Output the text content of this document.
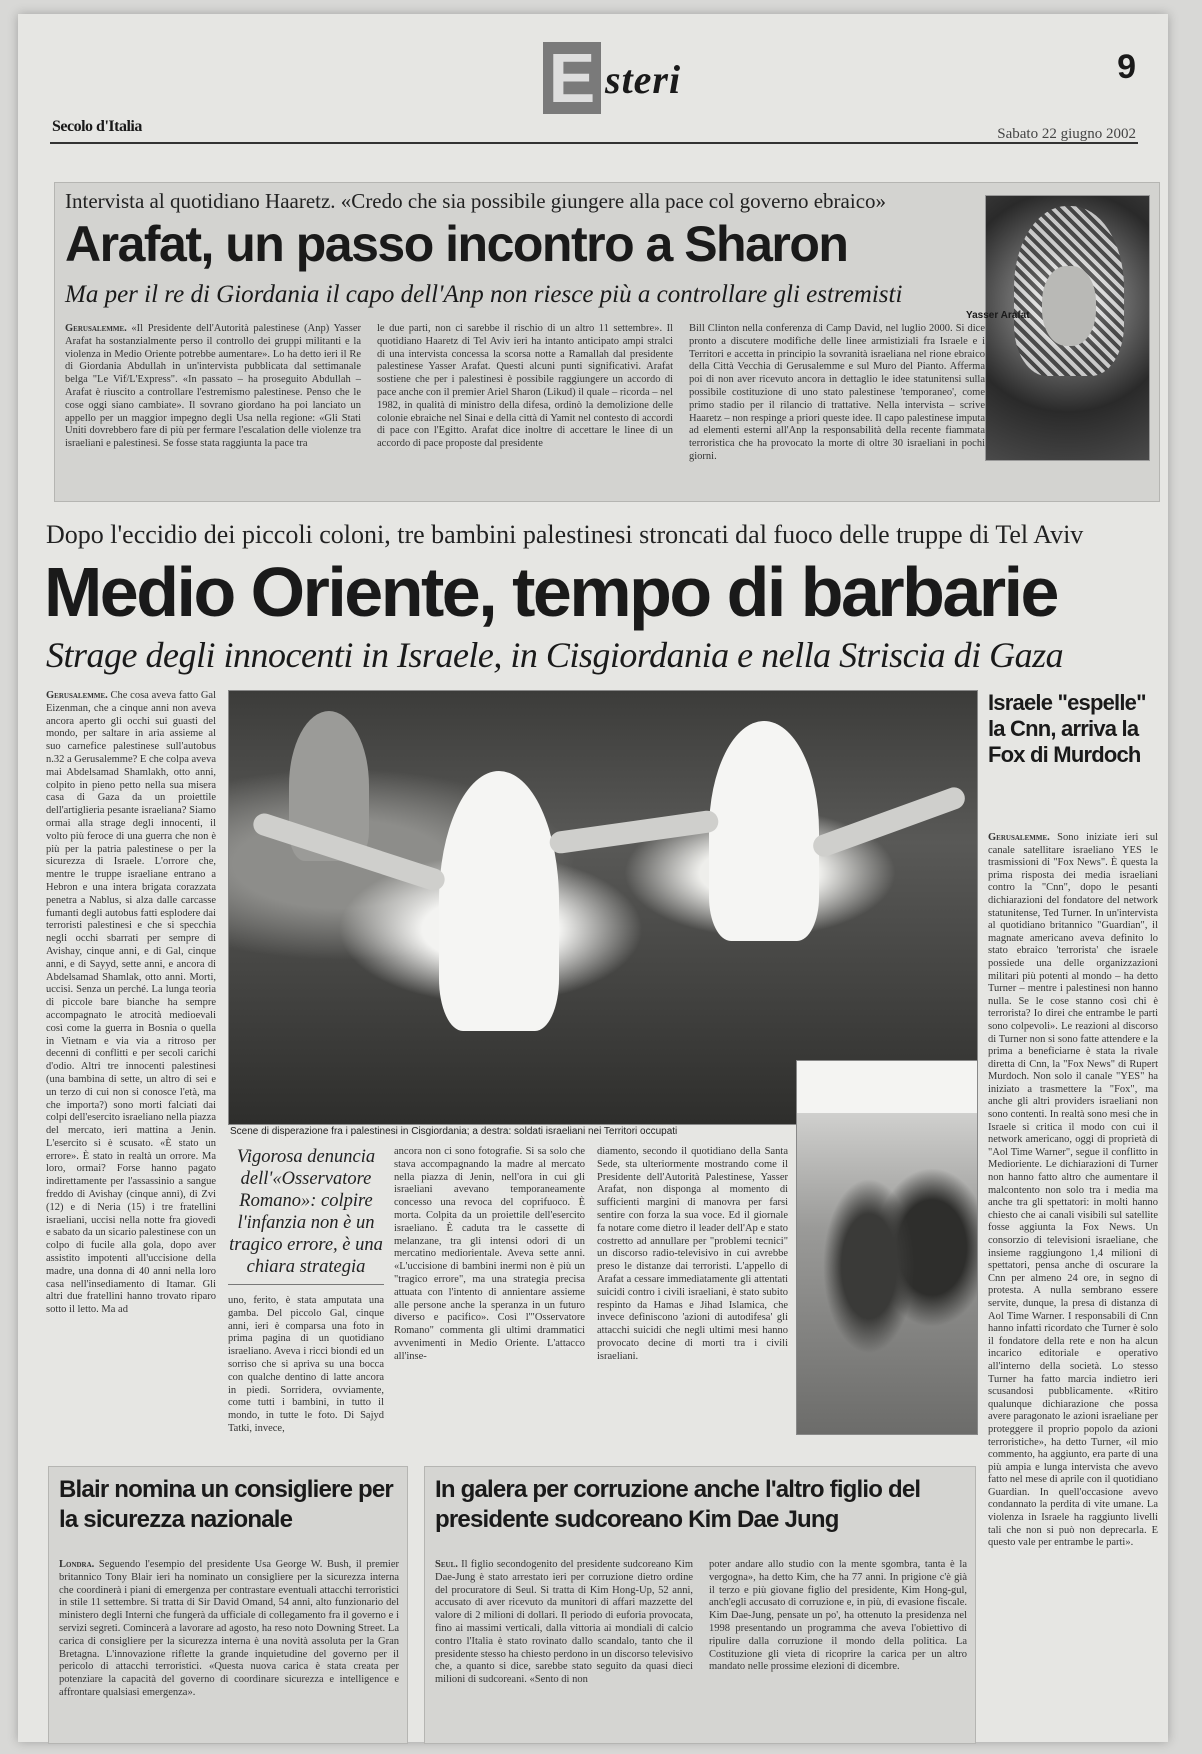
E steri	9
Secolo d'Italia	Sabato 22 giugno 2002
Intervista al quotidiano Haaretz. «Credo che sia possibile giungere alla pace col governo ebraico»
Arafat, un passo incontro a Sharon
Ma per il re di Giordania il capo dell'Anp non riesce più a controllare gli estremisti
Gerusalemme. «Il Presidente dell'Autorità palestinese (Anp) Yasser Arafat ha sostanzialmente perso il controllo dei gruppi militanti e la violenza in Medio Oriente potrebbe aumentare». Lo ha detto ieri il Re di Giordania Abdullah in un'intervista pubblicata dal settimanale belga "Le Vif/L'Express". «In passato – ha proseguito Abdullah – Arafat è riuscito a controllare l'estremismo palestinese. Penso che le cose oggi siano cambiate». Il sovrano giordano ha poi lanciato un appello per un maggior impegno degli Usa nella regione: «Gli Stati Uniti dovrebbero fare di più per fermare l'escalation delle violenze tra israeliani e palestinesi. Se fosse stata raggiunta la pace tra
le due parti, non ci sarebbe il rischio di un altro 11 settembre». Il quotidiano Haaretz di Tel Aviv ieri ha intanto anticipato ampi stralci di una intervista concessa la scorsa notte a Ramallah dal presidente palestinese Yasser Arafat. Questi alcuni punti significativi. Arafat sostiene che per i palestinesi è possibile raggiungere un accordo di pace anche con il premier Ariel Sharon (Likud) il quale – ricorda – nel 1982, in qualità di ministro della difesa, ordinò la demolizione delle colonie ebraiche nel Sinai e della città di Yamit nel contesto di accordi di pace con l'Egitto. Arafat dice inoltre di accettare le linee di un accordo di pace proposte dal presidente
Bill Clinton nella conferenza di Camp David, nel luglio 2000. Si dice pronto a discutere modifiche delle linee armistiziali fra Israele e i Territori e accetta in principio la sovranità israeliana nel rione ebraico della Città Vecchia di Gerusalemme e sul Muro del Pianto. Afferma poi di non aver ricevuto ancora in dettaglio le idee statunitensi sulla possibile costituzione di uno stato palestinese 'temporaneo', come primo stadio per il rilancio di trattative. Nella intervista – scrive Haaretz – non respinge a priori queste idee. Il capo palestinese imputa ad elementi esterni all'Anp la responsabilità della recente fiammata terroristica che ha provocato la morte di oltre 30 israeliani in pochi giorni.
Yasser Arafat
Dopo l'eccidio dei piccoli coloni, tre bambini palestinesi stroncati dal fuoco delle truppe di Tel Aviv
Medio Oriente, tempo di barbarie
Strage degli innocenti in Israele, in Cisgiordania e nella Striscia di Gaza
Gerusalemme. Che cosa aveva fatto Gal Eizenman, che a cinque anni non aveva ancora aperto gli occhi sui guasti del mondo, per saltare in aria assieme al suo carnefice palestinese sull'autobus n.32 a Gerusalemme? E che colpa aveva mai Abdelsamad Shamlakh, otto anni, colpito in pieno petto nella sua misera casa di Gaza da un proiettile dell'artiglieria pesante israeliana? Siamo ormai alla strage degli innocenti, il volto più feroce di una guerra che non è più per la patria palestinese o per la sicurezza di Israele. L'orrore che, mentre le truppe israeliane entrano a Hebron e una intera brigata corazzata penetra a Nablus, si alza dalle carcasse fumanti degli autobus fatti esplodere dai terroristi palestinesi e che si specchia negli occhi sbarrati per sempre di Avishay, cinque anni, e di Gal, cinque anni, e di Sayyd, sette anni, e ancora di Abdelsamad Shamlak, otto anni. Morti, uccisi. Senza un perché. La lunga teoria di piccole bare bianche ha sempre accompagnato le atrocità medioevali così come la guerra in Bosnia o quella in Vietnam e via via a ritroso per decenni di conflitti e per secoli carichi d'odio. Altri tre innocenti palestinesi (una bambina di sette, un altro di sei e un terzo di cui non si conosce l'età, ma che importa?) sono morti falciati dai colpi dell'esercito israeliano nella piazza del mercato, ieri mattina a Jenin. L'esercito si è scusato. «È stato un errore». È stato in realtà un orrore. Ma loro, ormai? Forse hanno pagato indirettamente per l'assassinio a sangue freddo di Avishay (cinque anni), di Zvi (12) e di Neria (15) i tre fratellini israeliani, uccisi nella notte fra giovedì e sabato da un sicario palestinese con un colpo di fucile alla gola, dopo aver assistito impotenti all'uccisione della madre, una donna di 40 anni nella loro casa nell'insediamento di Itamar. Gli altri due fratellini hanno trovato riparo sotto il letto. Ma ad
Scene di disperazione fra i palestinesi in Cisgiordania; a destra: soldati israeliani nei Territori occupati
Vigorosa denuncia dell'«Osservatore Romano»: colpire l'infanzia non è un tragico errore, è una chiara strategia
uno, ferito, è stata amputata una gamba. Del piccolo Gal, cinque anni, ieri è comparsa una foto in prima pagina di un quotidiano israeliano. Aveva i ricci biondi ed un sorriso che si apriva su una bocca con qualche dentino di latte ancora in piedi. Sorridera, ovviamente, come tutti i bambini, in tutto il mondo, in tutte le foto. Di Sajyd Tatki, invece,
ancora non ci sono fotografie. Si sa solo che stava accompagnando la madre al mercato nella piazza di Jenin, nell'ora in cui gli israeliani avevano temporaneamente concesso una revoca del coprifuoco. È morta. Colpita da un proiettile dell'esercito israeliano. È caduta tra le cassette di melanzane, tra gli intensi odori di un mercatino mediorientale. Aveva sette anni. «L'uccisione di bambini inermi non è più un "tragico errore", ma una strategia precisa attuata con l'intento di annientare assieme alle persone anche la speranza in un futuro diverso e pacifico». Così l'"Osservatore Romano" commenta gli ultimi drammatici avvenimenti in Medio Oriente. L'attacco all'inse-
diamento, secondo il quotidiano della Santa Sede, sta ulteriormente mostrando come il Presidente dell'Autorità Palestinese, Yasser Arafat, non disponga al momento di sufficienti margini di manovra per farsi sentire con forza la sua voce. Ed il giornale fa notare come dietro il leader dell'Ap e stato costretto ad annullare per "problemi tecnici" un discorso radio-televisivo in cui avrebbe preso le distanze dai terroristi. L'appello di Arafat a cessare immediatamente gli attentati suicidi contro i civili israeliani, è stato subito respinto da Hamas e Jihad Islamica, che invece definiscono 'azioni di autodifesa' gli attacchi suicidi che negli ultimi mesi hanno provocato decine di morti tra i civili israeliani.
Israele "espelle" la Cnn, arriva la Fox di Murdoch
Gerusalemme. Sono iniziate ieri sul canale satellitare israeliano YES le trasmissioni di "Fox News". È questa la prima risposta dei media israeliani contro la "Cnn", dopo le pesanti dichiarazioni del fondatore del network statunitense, Ted Turner. In un'intervista al quotidiano britannico "Guardian", il magnate americano aveva definito lo stato ebraico 'terrorista' che israele possiede una delle organizzazioni militari più potenti al mondo – ha detto Turner – mentre i palestinesi non hanno nulla. Se le cose stanno così chi è terrorista? Io direi che entrambe le parti sono colpevoli». Le reazioni al discorso di Turner non si sono fatte attendere e la prima a beneficiarne è stata la rivale diretta di Cnn, la "Fox News" di Rupert Murdoch. Non solo il canale "YES" ha iniziato a trasmettere la "Fox", ma anche gli altri providers israeliani non sono contenti. In realtà sono mesi che in Israele si critica il modo con cui il network americano, oggi di proprietà di "Aol Time Warner", segue il conflitto in Medioriente. Le dichiarazioni di Turner non hanno fatto altro che aumentare il malcontento non solo tra i media ma anche tra gli spettatori: in molti hanno chiesto che ai canali visibili sul satellite fosse aggiunta la Fox News. Un consorzio di televisioni israeliane, che insieme raggiungono 1,4 milioni di spettatori, pensa anche di oscurare la Cnn per almeno 24 ore, in segno di protesta. A nulla sembrano essere servite, dunque, la presa di distanza di Aol Time Warner. I responsabili di Cnn hanno infatti ricordato che Turner è solo il fondatore della rete e non ha alcun incarico editoriale e operativo all'interno della società. Lo stesso Turner ha fatto marcia indietro ieri scusandosi pubblicamente. «Ritiro qualunque dichiarazione che possa avere paragonato le azioni israeliane per proteggere il proprio popolo da azioni terroristiche», ha detto Turner, «il mio commento, ha aggiunto, era parte di una più ampia e lunga intervista che avevo fatto nel mese di aprile con il quotidiano Guardian. In quell'occasione avevo condannato la perdita di vite umane. La violenza in Israele ha raggiunto livelli tali che non si può non deprecarla. E questo vale per entrambe le parti».
Blair nomina un consigliere per la sicurezza nazionale
Londra. Seguendo l'esempio del presidente Usa George W. Bush, il premier britannico Tony Blair ieri ha nominato un consigliere per la sicurezza interna che coordinerà i piani di emergenza per contrastare eventuali attacchi terroristici in stile 11 settembre. Si tratta di Sir David Omand, 54 anni, alto funzionario del ministero degli Interni che fungerà da ufficiale di collegamento fra il governo e i servizi segreti. Comincerà a lavorare ad agosto, ha reso noto Downing Street. La carica di consigliere per la sicurezza interna è una novità assoluta per la Gran Bretagna. L'innovazione riflette la grande inquietudine del governo per il pericolo di attacchi terroristici. «Questa nuova carica è stata creata per potenziare la capacità del governo di coordinare sicurezza e intelligence e affrontare qualsiasi emergenza».
In galera per corruzione anche l'altro figlio del presidente sudcoreano Kim Dae Jung
Seul. Il figlio secondogenito del presidente sudcoreano Kim Dae-Jung è stato arrestato ieri per corruzione dietro ordine del procuratore di Seul. Si tratta di Kim Hong-Up, 52 anni, accusato di aver ricevuto da munitori di affari mazzette del valore di 2 milioni di dollari. Il periodo di euforia provocata, fino ai massimi verticali, dalla vittoria ai mondiali di calcio contro l'Italia è stato rovinato dallo scandalo, tanto che il presidente stesso ha chiesto perdono in un discorso televisivo che, a quanto si dice, sarebbe stato seguito da quasi dieci milioni di sudcoreani. «Sento di non
poter andare allo studio con la mente sgombra, tanta è la vergogna», ha detto Kim, che ha 77 anni. In prigione c'è già il terzo e più giovane figlio del presidente, Kim Hong-gul, anch'egli accusato di corruzione e, in più, di evasione fiscale. Kim Dae-Jung, pensate un po', ha ottenuto la presidenza nel 1998 presentando un programma che aveva l'obiettivo di ripulire dalla corruzione il mondo della politica. La Costituzione gli vieta di ricoprire la carica per un altro mandato nelle prossime elezioni di dicembre.
